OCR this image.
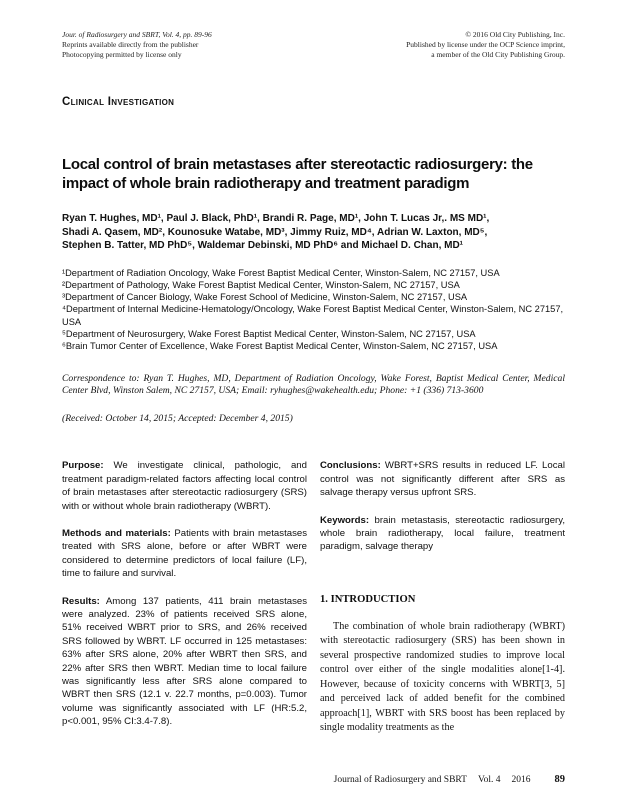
Jour. of Radiosurgery and SBRT, Vol. 4, pp. 89-96
Reprints available directly from the publisher
Photocopying permitted by license only
© 2016 Old City Publishing, Inc.
Published by license under the OCP Science imprint,
a member of the Old City Publishing Group.
Clinical Investigation
Local control of brain metastases after stereotactic radiosurgery: the
impact of whole brain radiotherapy and treatment paradigm
Ryan T. Hughes, MD¹, Paul J. Black, PhD¹, Brandi R. Page, MD¹, John T. Lucas Jr,. MS MD¹,
Shadi A. Qasem, MD², Kounosuke Watabe, MD³, Jimmy Ruiz, MD⁴, Adrian W. Laxton, MD⁵,
Stephen B. Tatter, MD PhD⁵, Waldemar Debinski, MD PhD⁶ and Michael D. Chan, MD¹
¹Department of Radiation Oncology, Wake Forest Baptist Medical Center, Winston-Salem, NC 27157, USA
²Department of Pathology, Wake Forest Baptist Medical Center, Winston-Salem, NC 27157, USA
³Department of Cancer Biology, Wake Forest School of Medicine, Winston-Salem, NC 27157, USA
⁴Department of Internal Medicine-Hematology/Oncology, Wake Forest Baptist Medical Center, Winston-Salem, NC 27157, USA
⁵Department of Neurosurgery, Wake Forest Baptist Medical Center, Winston-Salem, NC 27157, USA
⁶Brain Tumor Center of Excellence, Wake Forest Baptist Medical Center, Winston-Salem, NC 27157, USA

Correspondence to: Ryan T. Hughes, MD, Department of Radiation Oncology, Wake Forest, Baptist Medical Center, Medical Center Blvd, Winston Salem, NC 27157, USA; Email: ryhughes@wakehealth.edu; Phone: +1 (336) 713-3600

(Received: October 14, 2015; Accepted: December 4, 2015)

Purpose: We investigate clinical, pathologic, and treatment paradigm-related factors affecting local control of brain metastases after stereotactic radiosurgery (SRS) with or without whole brain radiotherapy (WBRT).

Methods and materials: Patients with brain metastases treated with SRS alone, before or after WBRT were considered to determine predictors of local failure (LF), time to failure and survival.

Results: Among 137 patients, 411 brain metastases were analyzed. 23% of patients received SRS alone, 51% received WBRT prior to SRS, and 26% received SRS followed by WBRT. LF occurred in 125 metastases: 63% after SRS alone, 20% after WBRT then SRS, and 22% after SRS then WBRT. Median time to local failure was significantly less after SRS alone compared to WBRT then SRS (12.1 v. 22.7 months, p=0.003). Tumor volume was significantly associated with LF (HR:5.2, p<0.001, 95% CI:3.4-7.8).

Conclusions: WBRT+SRS results in reduced LF. Local control was not significantly different after SRS as salvage therapy versus upfront SRS.

Keywords: brain metastasis, stereotactic radiosurgery, whole brain radiotherapy, local failure, treatment paradigm, salvage therapy

1. INTRODUCTION

The combination of whole brain radiotherapy (WBRT) with stereotactic radiosurgery (SRS) has been shown in several prospective randomized studies to improve local control over either of the single modalities alone[1-4]. However, because of toxicity concerns with WBRT[3, 5] and perceived lack of added benefit for the combined approach[1], WBRT with SRS boost has been replaced by single modality treatments as the

Journal of Radiosurgery and SBRT Vol. 4 2016 89
